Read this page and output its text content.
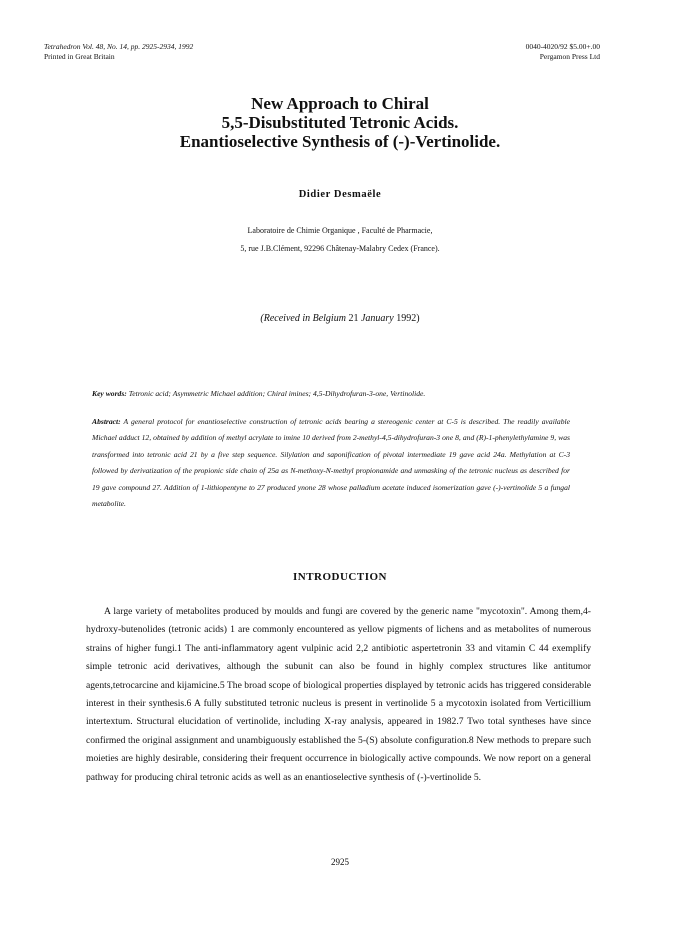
Tetrahedron Vol. 48, No. 14, pp. 2925-2934, 1992
Printed in Great Britain
0040-4020/92 $5.00+.00
Pergamon Press Ltd
New Approach to Chiral
5,5-Disubstituted Tetronic Acids.
Enantioselective Synthesis of (-)-Vertinolide.
Didier Desmaële
Laboratoire de Chimie Organique , Faculté de Pharmacie,
5, rue J.B.Clément, 92296 Châtenay-Malabry Cedex (France).
(Received in Belgium 21 January 1992)
Key words: Tetronic acid; Asymmetric Michael addition; Chiral imines; 4,5-Dihydrofuran-3-one, Vertinolide.
Abstract: A general protocol for enantioselective construction of tetronic acids bearing a stereogenic center at C-5 is described. The readily available Michael adduct 12, obtained by addition of methyl acrylate to imine 10 derived from 2-methyl-4,5-dihydrofuran-3 one 8, and (R)-1-phenylethylamine 9, was transformed into tetronic acid 21 by a five step sequence. Silylation and saponification of pivotal intermediate 19 gave acid 24a. Methylation at C-3 followed by derivatization of the propionic side chain of 25a as N-methoxy-N-methyl propionamide and unmasking of the tetronic nucleus as described for 19 gave compound 27. Addition of 1-lithiopentyne to 27 produced ynone 28 whose palladium acetate induced isomerization gave (-)-vertinolide 5 a fungal metabolite.
INTRODUCTION

A large variety of metabolites produced by moulds and fungi are covered by the generic name "mycotoxin". Among them,4-hydroxy-butenolides (tetronic acids) 1 are commonly encountered as yellow pigments of lichens and as metabolites of numerous strains of higher fungi.1 The anti-inflammatory agent vulpinic acid 2,2 antibiotic aspertetronin 33 and vitamin C 44 exemplify simple tetronic acid derivatives, although the subunit can also be found in highly complex structures like antitumor agents,tetrocarcine and kijamicine.5 The broad scope of biological properties displayed by tetronic acids has triggered considerable interest in their synthesis.6 A fully substituted tetronic nucleus is present in vertinolide 5 a mycotoxin isolated from Verticillium intertextum. Structural elucidation of vertinolide, including X-ray analysis, appeared in 1982.7 Two total syntheses have since confirmed the original assignment and unambiguously established the 5-(S) absolute configuration.8 New methods to prepare such moieties are highly desirable, considering their frequent occurrence in biologically active compounds. We now report on a general pathway for producing chiral tetronic acids as well as an enantioselective synthesis of (-)-vertinolide 5.

2925
